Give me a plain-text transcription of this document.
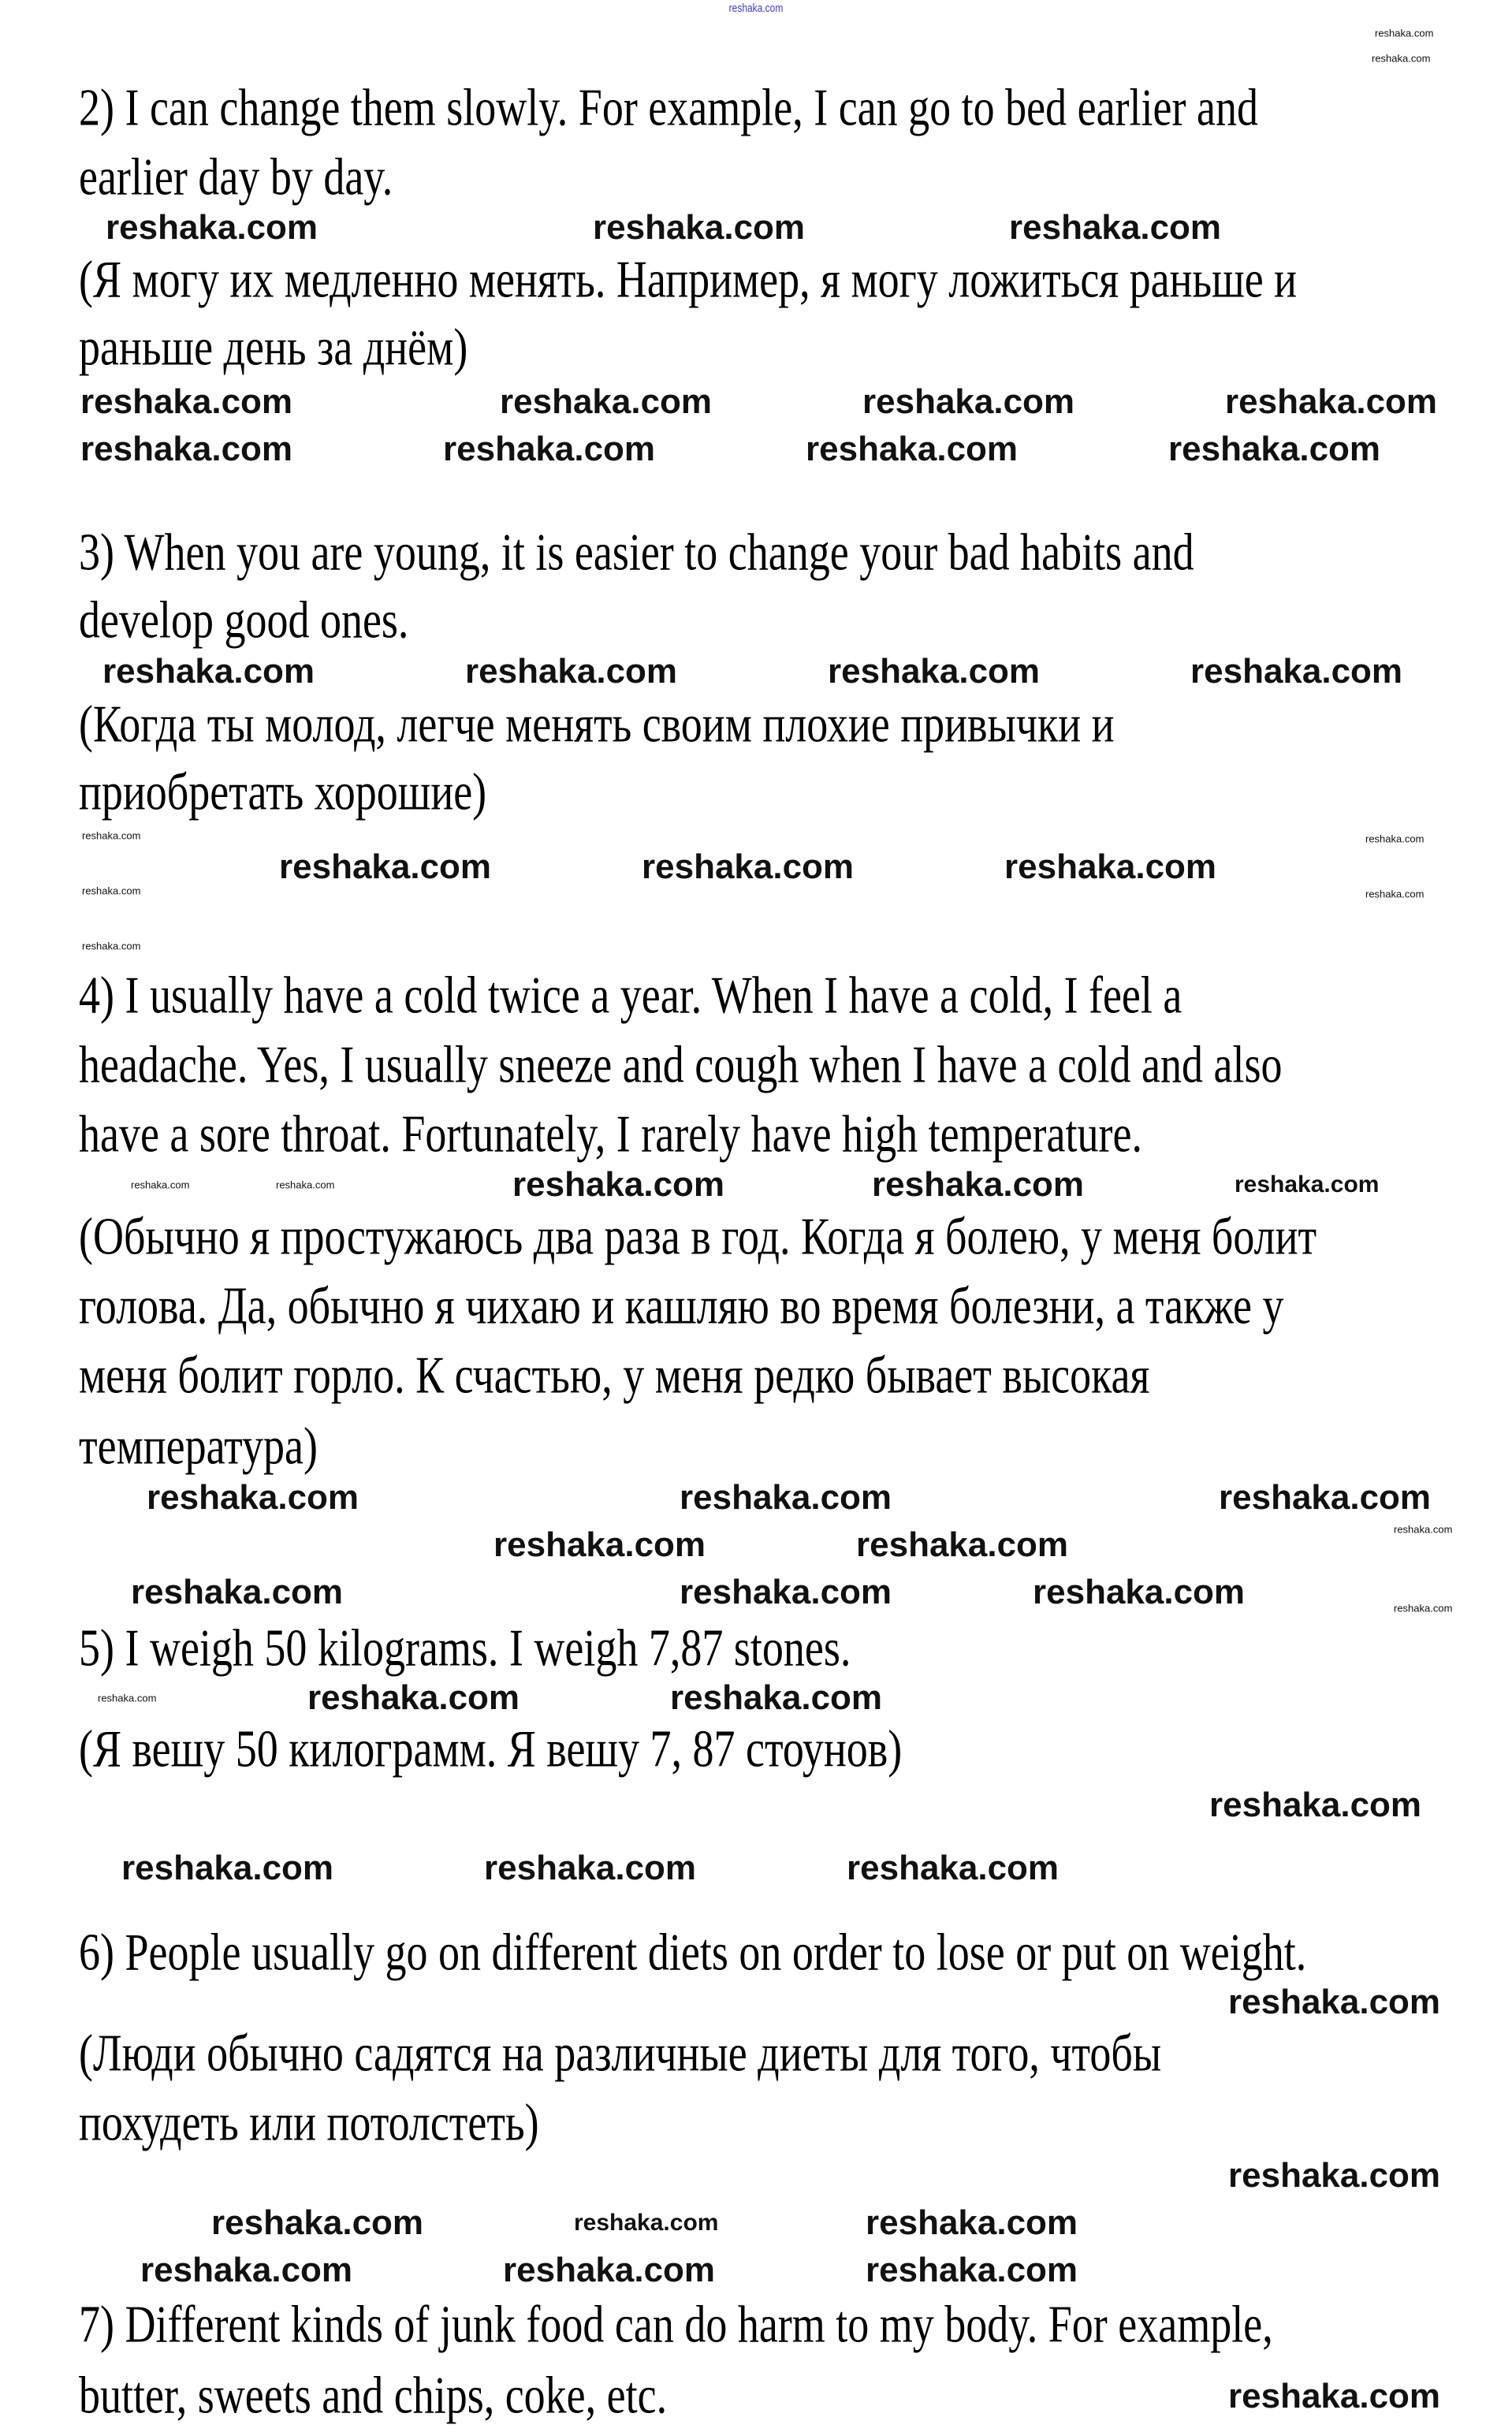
reshaka.com
2) I can change them slowly. For example, I can go to bed earlier and
earlier day by day.
(Я могу их медленно менять. Например, я могу ложиться раньше и
раньше день за днём)
3) When you are young, it is easier to change your bad habits and
develop good ones.
(Когда ты молод, легче менять своим плохие привычки и
приобретать хорошие)
4) I usually have a cold twice a year. When I have a cold, I feel a
headache. Yes, I usually sneeze and cough when I have a cold and also
have a sore throat. Fortunately, I rarely have high temperature.
(Обычно я простужаюсь два раза в год. Когда я болею, у меня болит
голова. Да, обычно я чихаю и кашляю во время болезни, а также у
меня болит горло. К счастью, у меня редко бывает высокая
температура)
5) I weigh 50 kilograms. I weigh 7,87 stones.
(Я вешу 50 килограмм. Я вешу 7, 87 стоунов)
6) People usually go on different diets on order to lose or put on weight.
(Люди обычно садятся на различные диеты для того, чтобы
похудеть или потолстеть)
7) Different kinds of junk food can do harm to my body. For example,
butter, sweets and chips, coke, etc.
reshaka.com
reshaka.com
reshaka.com	reshaka.com	reshaka.com
reshaka.com	reshaka.com	reshaka.com	reshaka.com
reshaka.com	reshaka.com	reshaka.com	reshaka.com
reshaka.com	reshaka.com	reshaka.com	reshaka.com
reshaka.com
reshaka.com
reshaka.com
reshaka.com	reshaka.com	reshaka.com
reshaka.com
reshaka.com
reshaka.com	reshaka.com	reshaka.com	reshaka.com	reshaka.com
reshaka.com	reshaka.com	reshaka.com
reshaka.com	reshaka.com	reshaka.com
reshaka.com	reshaka.com	reshaka.com	reshaka.com
reshaka.com	reshaka.com	reshaka.com
reshaka.com
reshaka.com	reshaka.com	reshaka.com
reshaka.com
reshaka.com
reshaka.com	reshaka.com	reshaka.com
reshaka.com	reshaka.com	reshaka.com
reshaka.com
